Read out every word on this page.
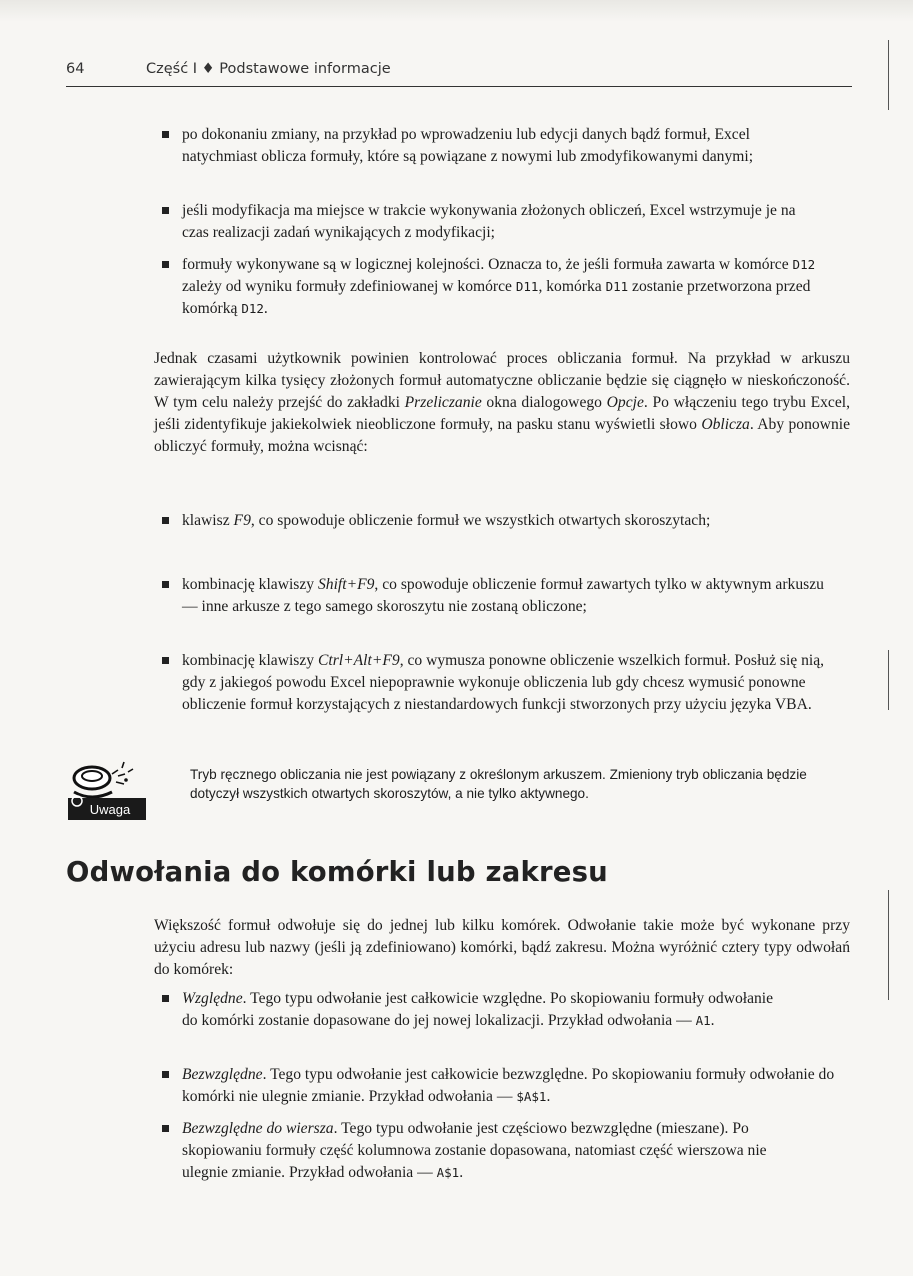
64	Część I ♦ Podstawowe informacje
po dokonaniu zmiany, na przykład po wprowadzeniu lub edycji danych bądź formuł, Excel natychmiast oblicza formuły, które są powiązane z nowymi lub zmodyfikowanymi danymi;
jeśli modyfikacja ma miejsce w trakcie wykonywania złożonych obliczeń, Excel wstrzymuje je na czas realizacji zadań wynikających z modyfikacji;
formuły wykonywane są w logicznej kolejności. Oznacza to, że jeśli formuła zawarta w komórce D12 zależy od wyniku formuły zdefiniowanej w komórce D11, komórka D11 zostanie przetworzona przed komórką D12.
Jednak czasami użytkownik powinien kontrolować proces obliczania formuł. Na przykład w arkuszu zawierającym kilka tysięcy złożonych formuł automatyczne obliczanie będzie się ciągnęło w nieskończoność. W tym celu należy przejść do zakładki Przeliczanie okna dialogowego Opcje. Po włączeniu tego trybu Excel, jeśli zidentyfikuje jakiekolwiek nieobliczone formuły, na pasku stanu wyświetli słowo Oblicza. Aby ponownie obliczyć formuły, można wcisnąć:
klawisz F9, co spowoduje obliczenie formuł we wszystkich otwartych skoroszytach;
kombinację klawiszy Shift+F9, co spowoduje obliczenie formuł zawartych tylko w aktywnym arkuszu — inne arkusze z tego samego skoroszytu nie zostaną obliczone;
kombinację klawiszy Ctrl+Alt+F9, co wymusza ponowne obliczenie wszelkich formuł. Posłuż się nią, gdy z jakiegoś powodu Excel niepoprawnie wykonuje obliczenia lub gdy chcesz wymusić ponowne obliczenie formuł korzystających z niestandardowych funkcji stworzonych przy użyciu języka VBA.
Uwaga
Tryb ręcznego obliczania nie jest powiązany z określonym arkuszem. Zmieniony tryb obliczania będzie dotyczył wszystkich otwartych skoroszytów, a nie tylko aktywnego.
Odwołania do komórki lub zakresu
Większość formuł odwołuje się do jednej lub kilku komórek. Odwołanie takie może być wykonane przy użyciu adresu lub nazwy (jeśli ją zdefiniowano) komórki, bądź zakresu. Można wyróżnić cztery typy odwołań do komórek:
Względne. Tego typu odwołanie jest całkowicie względne. Po skopiowaniu formuły odwołanie do komórki zostanie dopasowane do jej nowej lokalizacji. Przykład odwołania — A1.
Bezwzględne. Tego typu odwołanie jest całkowicie bezwzględne. Po skopiowaniu formuły odwołanie do komórki nie ulegnie zmianie. Przykład odwołania — $A$1.
Bezwzględne do wiersza. Tego typu odwołanie jest częściowo bezwzględne (mieszane). Po skopiowaniu formuły część kolumnowa zostanie dopasowana, natomiast część wierszowa nie ulegnie zmianie. Przykład odwołania — A$1.
